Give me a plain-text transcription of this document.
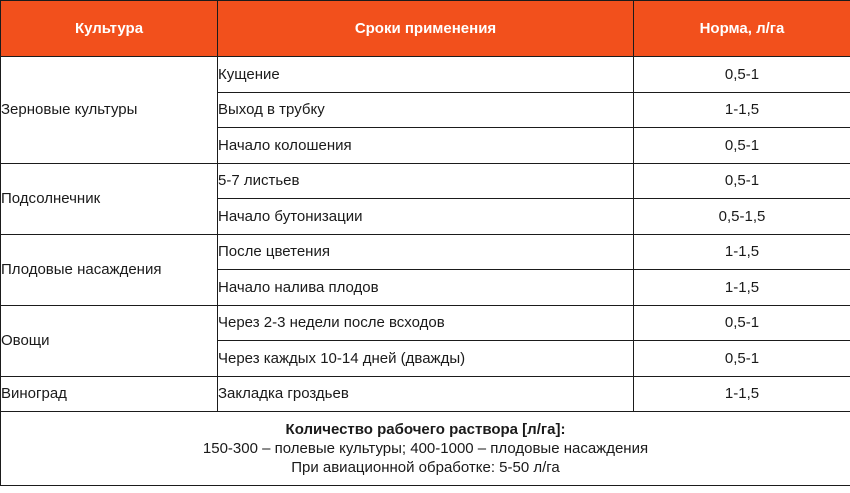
Культура	Сроки применения	Норма, л/га
Зерновые культуры	Кущение	0,5-1
	Выход в трубку	1-1,5
	Начало колошения	0,5-1
Подсолнечник	5-7 листьев	0,5-1
	Начало бутонизации	0,5-1,5
Плодовые насаждения	После цветения	1-1,5
	Начало налива плодов	1-1,5
Овощи	Через 2-3 недели после всходов	0,5-1
	Через каждых 10-14 дней (дважды)	0,5-1
Виноград	Закладка гроздьев	1-1,5
Количество рабочего раствора [л/га]:
150-300 – полевые культуры; 400-1000 – плодовые насаждения
При авиационной обработке: 5-50 л/га		
